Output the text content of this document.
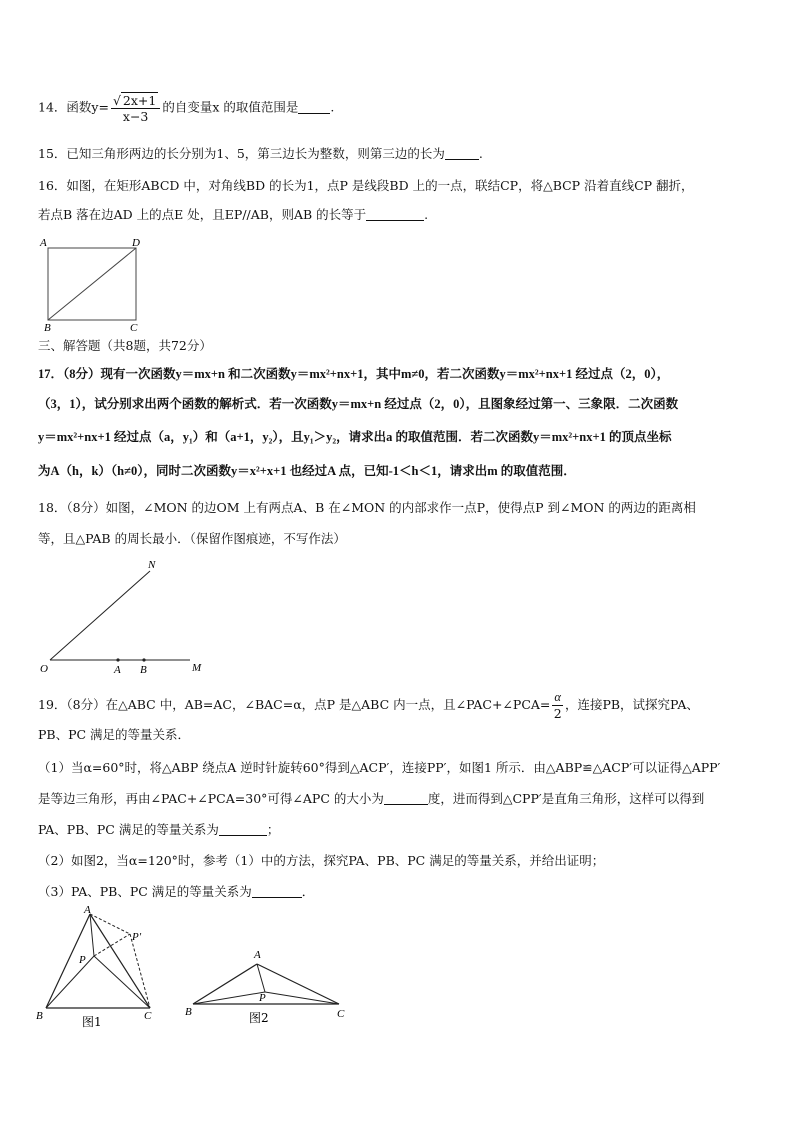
14．函数$y= \frac{√ 2x+1}{x-3}$ 的自变量x 的取值范围是	.
15．已知三角形两边的长分别为1、5，第三边长为整数，则第三边的长为	.
16．如图，在矩形ABCD 中，对角线BD 的长为1，点P 是线段BD 上的一点，联结CP，将△BCP 沿着直线CP 翻折，
若点B 落在边AD 上的点E 处，且EP//AB，则AB 的长等于	.
A	D
B	C
三、解答题（共8题，共72分）
17．（8分）现有一次函数y＝mx+n 和二次函数y＝mx²+nx+1，其中m≠0，若二次函数y＝mx²+nx+1 经过点（2，0），
（3，1），试分别求出两个函数的解析式．若一次函数y＝mx+n 经过点（2，0），且图象经过第一、三象限．二次函数
y＝mx²+nx+1 经过点（a，y₁）和（a+1，y₂），且y₁＞y₂，请求出a 的取值范围．若二次函数y＝mx²+nx+1 的顶点坐标
为A（h，k）（h≠0），同时二次函数y＝x²+x+1 也经过A 点，已知-1＜h＜1，请求出m 的取值范围．
18．（8分）如图，∠MON 的边OM 上有两点A、B 在∠MON 的内部求作一点P，使得点P 到∠MON 的两边的距离相
等，且△PAB 的周长最小．（保留作图痕迹，不写作法）
N
O	A B	M
19．（8分）在△ABC 中，AB=AC，∠BAC=α，点P 是△ABC 内一点，且∠PAC+∠PCA= $\frac{\alpha}{2}$ ，连接PB，试探究PA、
PB、PC 满足的等量关系．
（1）当α=60°时，将△ABP 绕点A 逆时针旋转60°得到△ACP′，连接PP′，如图1 所示．由△ABP≌△ACP′可以证得△APP′
是等边三角形，再由∠PAC+∠PCA=30°可得∠APC 的大小为	度，进而得到△CPP′是直角三角形，这样可以得到
PA、PB、PC 满足的等量关系为	；
（2）如图2，当α=120°时，参考（1）中的方法，探究PA、PB、PC 满足的等量关系，并给出证明；
（3）PA、PB、PC 满足的等量关系为	．
A
P
P′
B	C
图1
A
P
B	C
图2
